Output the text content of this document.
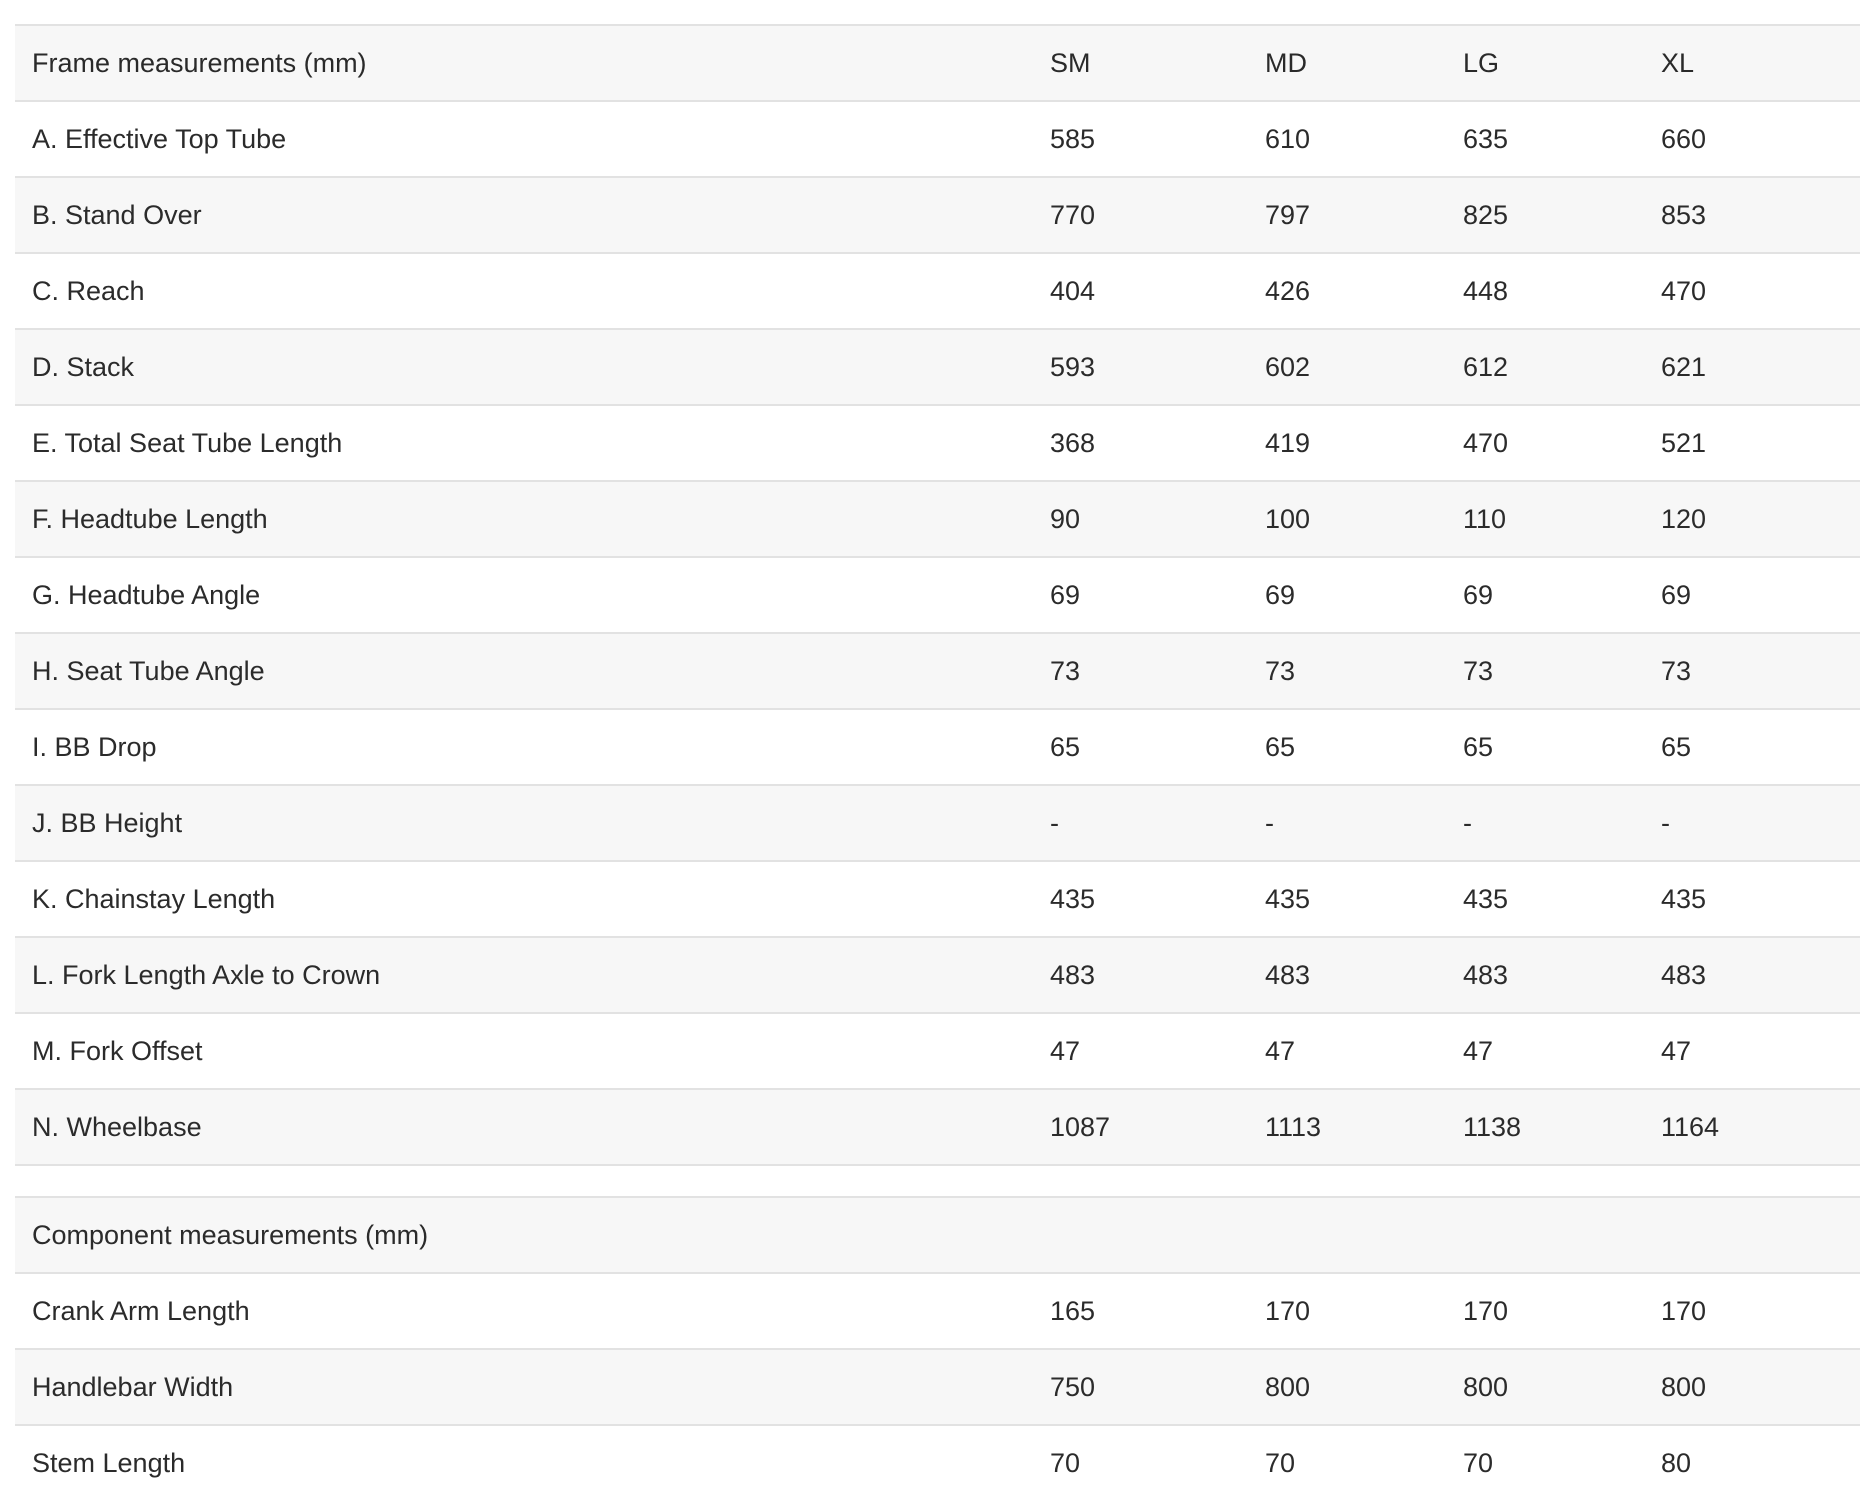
Frame measurements (mm)	SM	MD	LG	XL
A. Effective Top Tube	585	610	635	660
B. Stand Over	770	797	825	853
C. Reach	404	426	448	470
D. Stack	593	602	612	621
E. Total Seat Tube Length	368	419	470	521
F. Headtube Length	90	100	110	120
G. Headtube Angle	69	69	69	69
H. Seat Tube Angle	73	73	73	73
I. BB Drop	65	65	65	65
J. BB Height	-	-	-	-
K. Chainstay Length	435	435	435	435
L. Fork Length Axle to Crown	483	483	483	483
M. Fork Offset	47	47	47	47
N. Wheelbase	1087	1113	1138	1164

Component measurements (mm)				
Crank Arm Length	165	170	170	170
Handlebar Width	750	800	800	800
Stem Length	70	70	70	80
